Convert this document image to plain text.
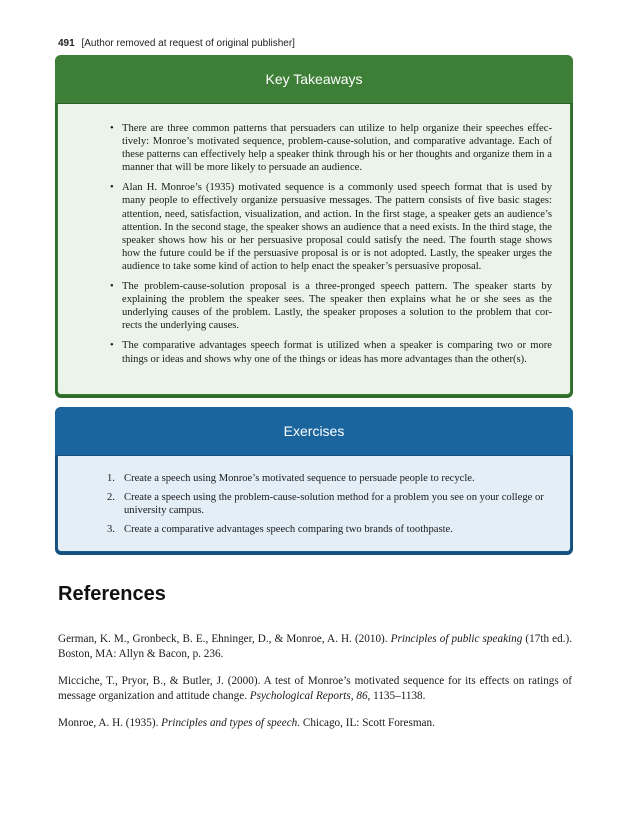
491 [Author removed at request of original publisher]
Key Takeaways
• There are three common patterns that persuaders can utilize to help organize their speeches effec-tively: Monroe’s motivated sequence, problem-cause-solution, and comparative advantage. Each of these patterns can effectively help a speaker think through his or her thoughts and organize them in a manner that will be more likely to persuade an audience.
• Alan H. Monroe’s (1935) motivated sequence is a commonly used speech format that is used by many people to effectively organize persuasive messages. The pattern consists of five basic stages: attention, need, satisfaction, visualization, and action. In the first stage, a speaker gets an audience’s attention. In the second stage, the speaker shows an audience that a need exists. In the third stage, the speaker shows how his or her persuasive proposal could satisfy the need. The fourth stage shows how the future could be if the persuasive proposal is or is not adopted. Lastly, the speaker urges the audience to take some kind of action to help enact the speaker’s persuasive proposal.
• The problem-cause-solution proposal is a three-pronged speech pattern. The speaker starts by explaining the problem the speaker sees. The speaker then explains what he or she sees as the underlying causes of the problem. Lastly, the speaker proposes a solution to the problem that cor-rects the underlying causes.
• The comparative advantages speech format is utilized when a speaker is comparing two or more things or ideas and shows why one of the things or ideas has more advantages than the other(s).
Exercises
1. Create a speech using Monroe’s motivated sequence to persuade people to recycle.
2. Create a speech using the problem-cause-solution method for a problem you see on your college or university campus.
3. Create a comparative advantages speech comparing two brands of toothpaste.
References

German, K. M., Gronbeck, B. E., Ehninger, D., & Monroe, A. H. (2010). Principles of public speaking (17th ed.). Boston, MA: Allyn & Bacon, p. 236.

Micciche, T., Pryor, B., & Butler, J. (2000). A test of Monroe’s motivated sequence for its effects on ratings of message organization and attitude change. Psychological Reports, 86, 1135–1138.

Monroe, A. H. (1935). Principles and types of speech. Chicago, IL: Scott Foresman.
